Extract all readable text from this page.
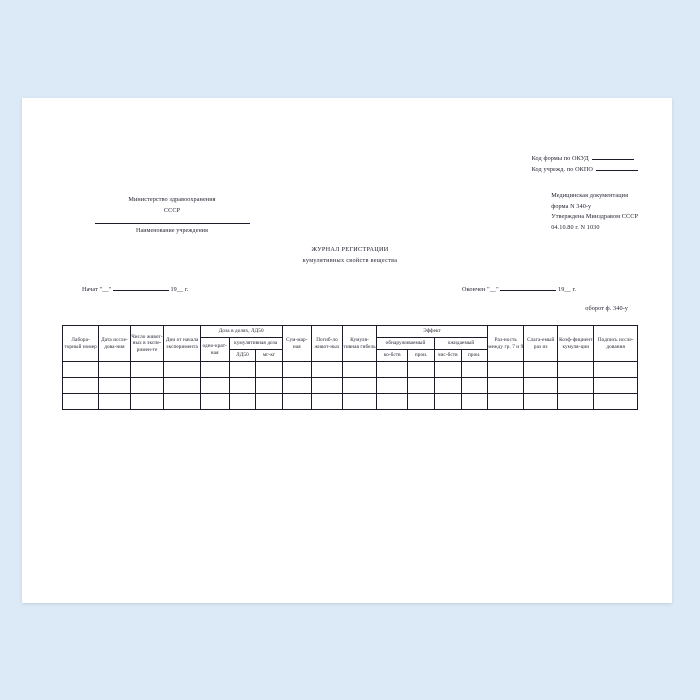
Код формы по ОКУД
Код учрежд. по ОКПО
Медицинская документация
форма N 340-у
Утверждена Минздравом СССР
04.10.80 г. N 1030
Министерство здравоохранения
СССР
Наименование учреждения
ЖУРНАЛ РЕГИСТРАЦИИ
кумулятивных свойств вещества
Начат "__"	19__ г.	Окончен "__"	19__ г.
оборот ф. 340-у
Лабора-торный номер	Дата иссле-дова-ния	Число живот-ных в экспе-римен-те	Дни от начала эксперимента	Доза в долях, ЛД50			Сум-мар-ная	Погиб-ло живот-ных	Кумуля-тивная гибель	Эффект				Раз-ность между гр. 7 и 9	Слага-емый раз из	Коэф-фициент кумуля-ции	Подпись иссле-дования
				одно-крат-ная	кумулятивная доза					обнаруживаемый		ожидаемый					
					ЛД50	мг-кг				ко-бств	прои.	чис-бств	прои.				
